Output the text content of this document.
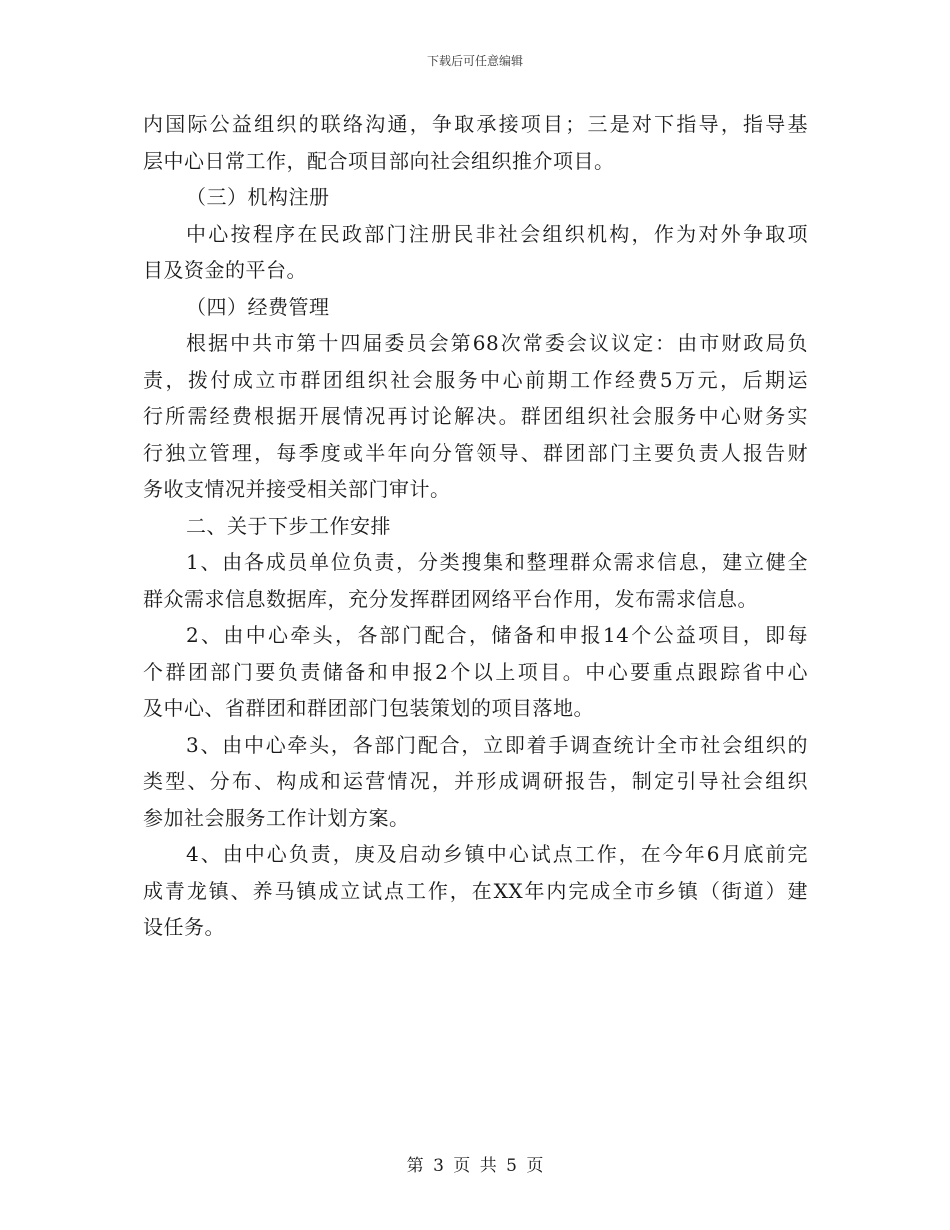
下载后可任意编辑
内国际公益组织的联络沟通，争取承接项目；三是对下指导，指导基
层中心日常工作，配合项目部向社会组织推介项目。
（三）机构注册
中心按程序在民政部门注册民非社会组织机构，作为对外争取项
目及资金的平台。
（四）经费管理
根据中共市第十四届委员会第68次常委会议议定：由市财政局负
责，拨付成立市群团组织社会服务中心前期工作经费5万元，后期运
行所需经费根据开展情况再讨论解决。群团组织社会服务中心财务实
行独立管理，每季度或半年向分管领导、群团部门主要负责人报告财
务收支情况并接受相关部门审计。
二、关于下步工作安排
1、由各成员单位负责，分类搜集和整理群众需求信息，建立健全
群众需求信息数据库，充分发挥群团网络平台作用，发布需求信息。
2、由中心牵头，各部门配合，储备和申报14个公益项目，即每
个群团部门要负责储备和申报2个以上项目。中心要重点跟踪省中心
及中心、省群团和群团部门包装策划的项目落地。
3、由中心牵头，各部门配合，立即着手调查统计全市社会组织的
类型、分布、构成和运营情况，并形成调研报告，制定引导社会组织
参加社会服务工作计划方案。
4、由中心负责，庚及启动乡镇中心试点工作，在今年6月底前完
成青龙镇、养马镇成立试点工作，在XX年内完成全市乡镇（街道）建
设任务。
第 3 页 共 5 页
